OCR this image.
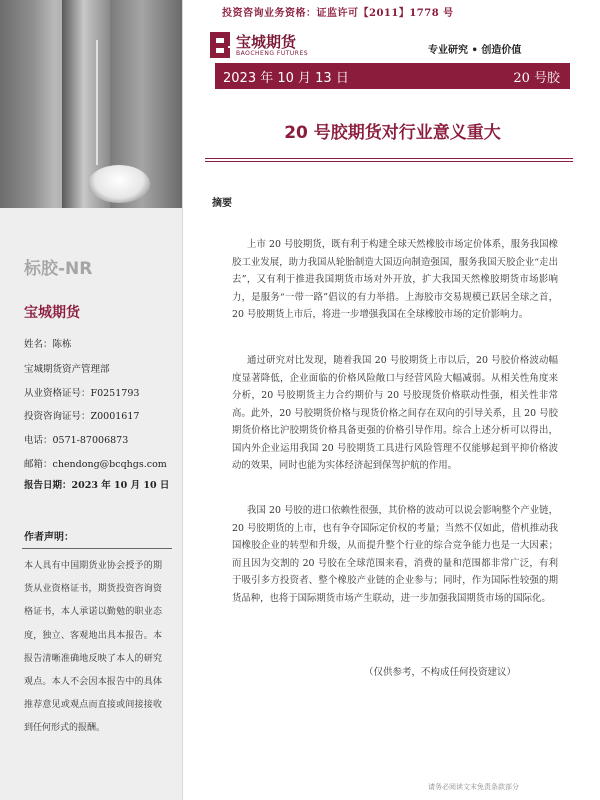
标胶-NR
宝城期货
姓名：陈栋
宝城期货资产管理部
从业资格证号：F0251793
投资咨询证号：Z0001617
电话：0571-87006873
邮箱：chendong@bcqhgs.com
报告日期：2023 年 10 月 10 日
作者声明：
本人具有中国期货业协会授予的期货从业资格证书，期货投资咨询资格证书，本人承诺以勤勉的职业态度，独立、客观地出具本报告。本报告清晰准确地反映了本人的研究观点。本人不会因本报告中的具体推荐意见或观点而直接或间接接收到任何形式的报酬。
投资咨询业务资格：证监许可【2011】1778 号
宝城期货
BAOCHENG FUTURES	专业研究 • 创造价值
2023 年 10 月 13 日	20 号胶
20 号胶期货对行业意义重大
摘要
上市 20 号胶期货，既有利于构建全球天然橡胶市场定价体系，服务我国橡胶工业发展，助力我国从轮胎制造大国迈向制造强国，服务我国天胶企业“走出去”，又有利于推进我国期货市场对外开放，扩大我国天然橡胶期货市场影响力，是服务“一带一路”倡议的有力举措。上海胶市交易规模已跃居全球之首，20 号胶期货上市后，将进一步增强我国在全球橡胶市场的定价影响力。
通过研究对比发现，随着我国 20 号胶期货上市以后，20 号胶价格波动幅度显著降低，企业面临的价格风险敞口与经营风险大幅减弱。从相关性角度来分析，20 号胶期货主力合约期价与 20 号胶现货价格联动性强，相关性非常高。此外，20 号胶期货价格与现货价格之间存在双向的引导关系，且 20 号胶期货价格比沪胶期货价格具备更强的价格引导作用。综合上述分析可以得出，国内外企业运用我国 20 号胶期货工具进行风险管理不仅能够起到平抑价格波动的效果，同时也能为实体经济起到保驾护航的作用。
我国 20 号胶的进口依赖性很强，其价格的波动可以说会影响整个产业链，20 号胶期货的上市，也有争夺国际定价权的考量；当然不仅如此，借机推动我国橡胶企业的转型和升级，从而提升整个行业的综合竞争能力也是一大因素；而且因为交割的 20 号胶在全球范围来看，消费的量和范围都非常广泛，有利于吸引多方投资者、整个橡胶产业链的企业参与；同时，作为国际性较强的期货品种，也将于国际期货市场产生联动，进一步加强我国期货市场的国际化。
（仅供参考，不构成任何投资建议）
请务必阅读文末免责条款部分
